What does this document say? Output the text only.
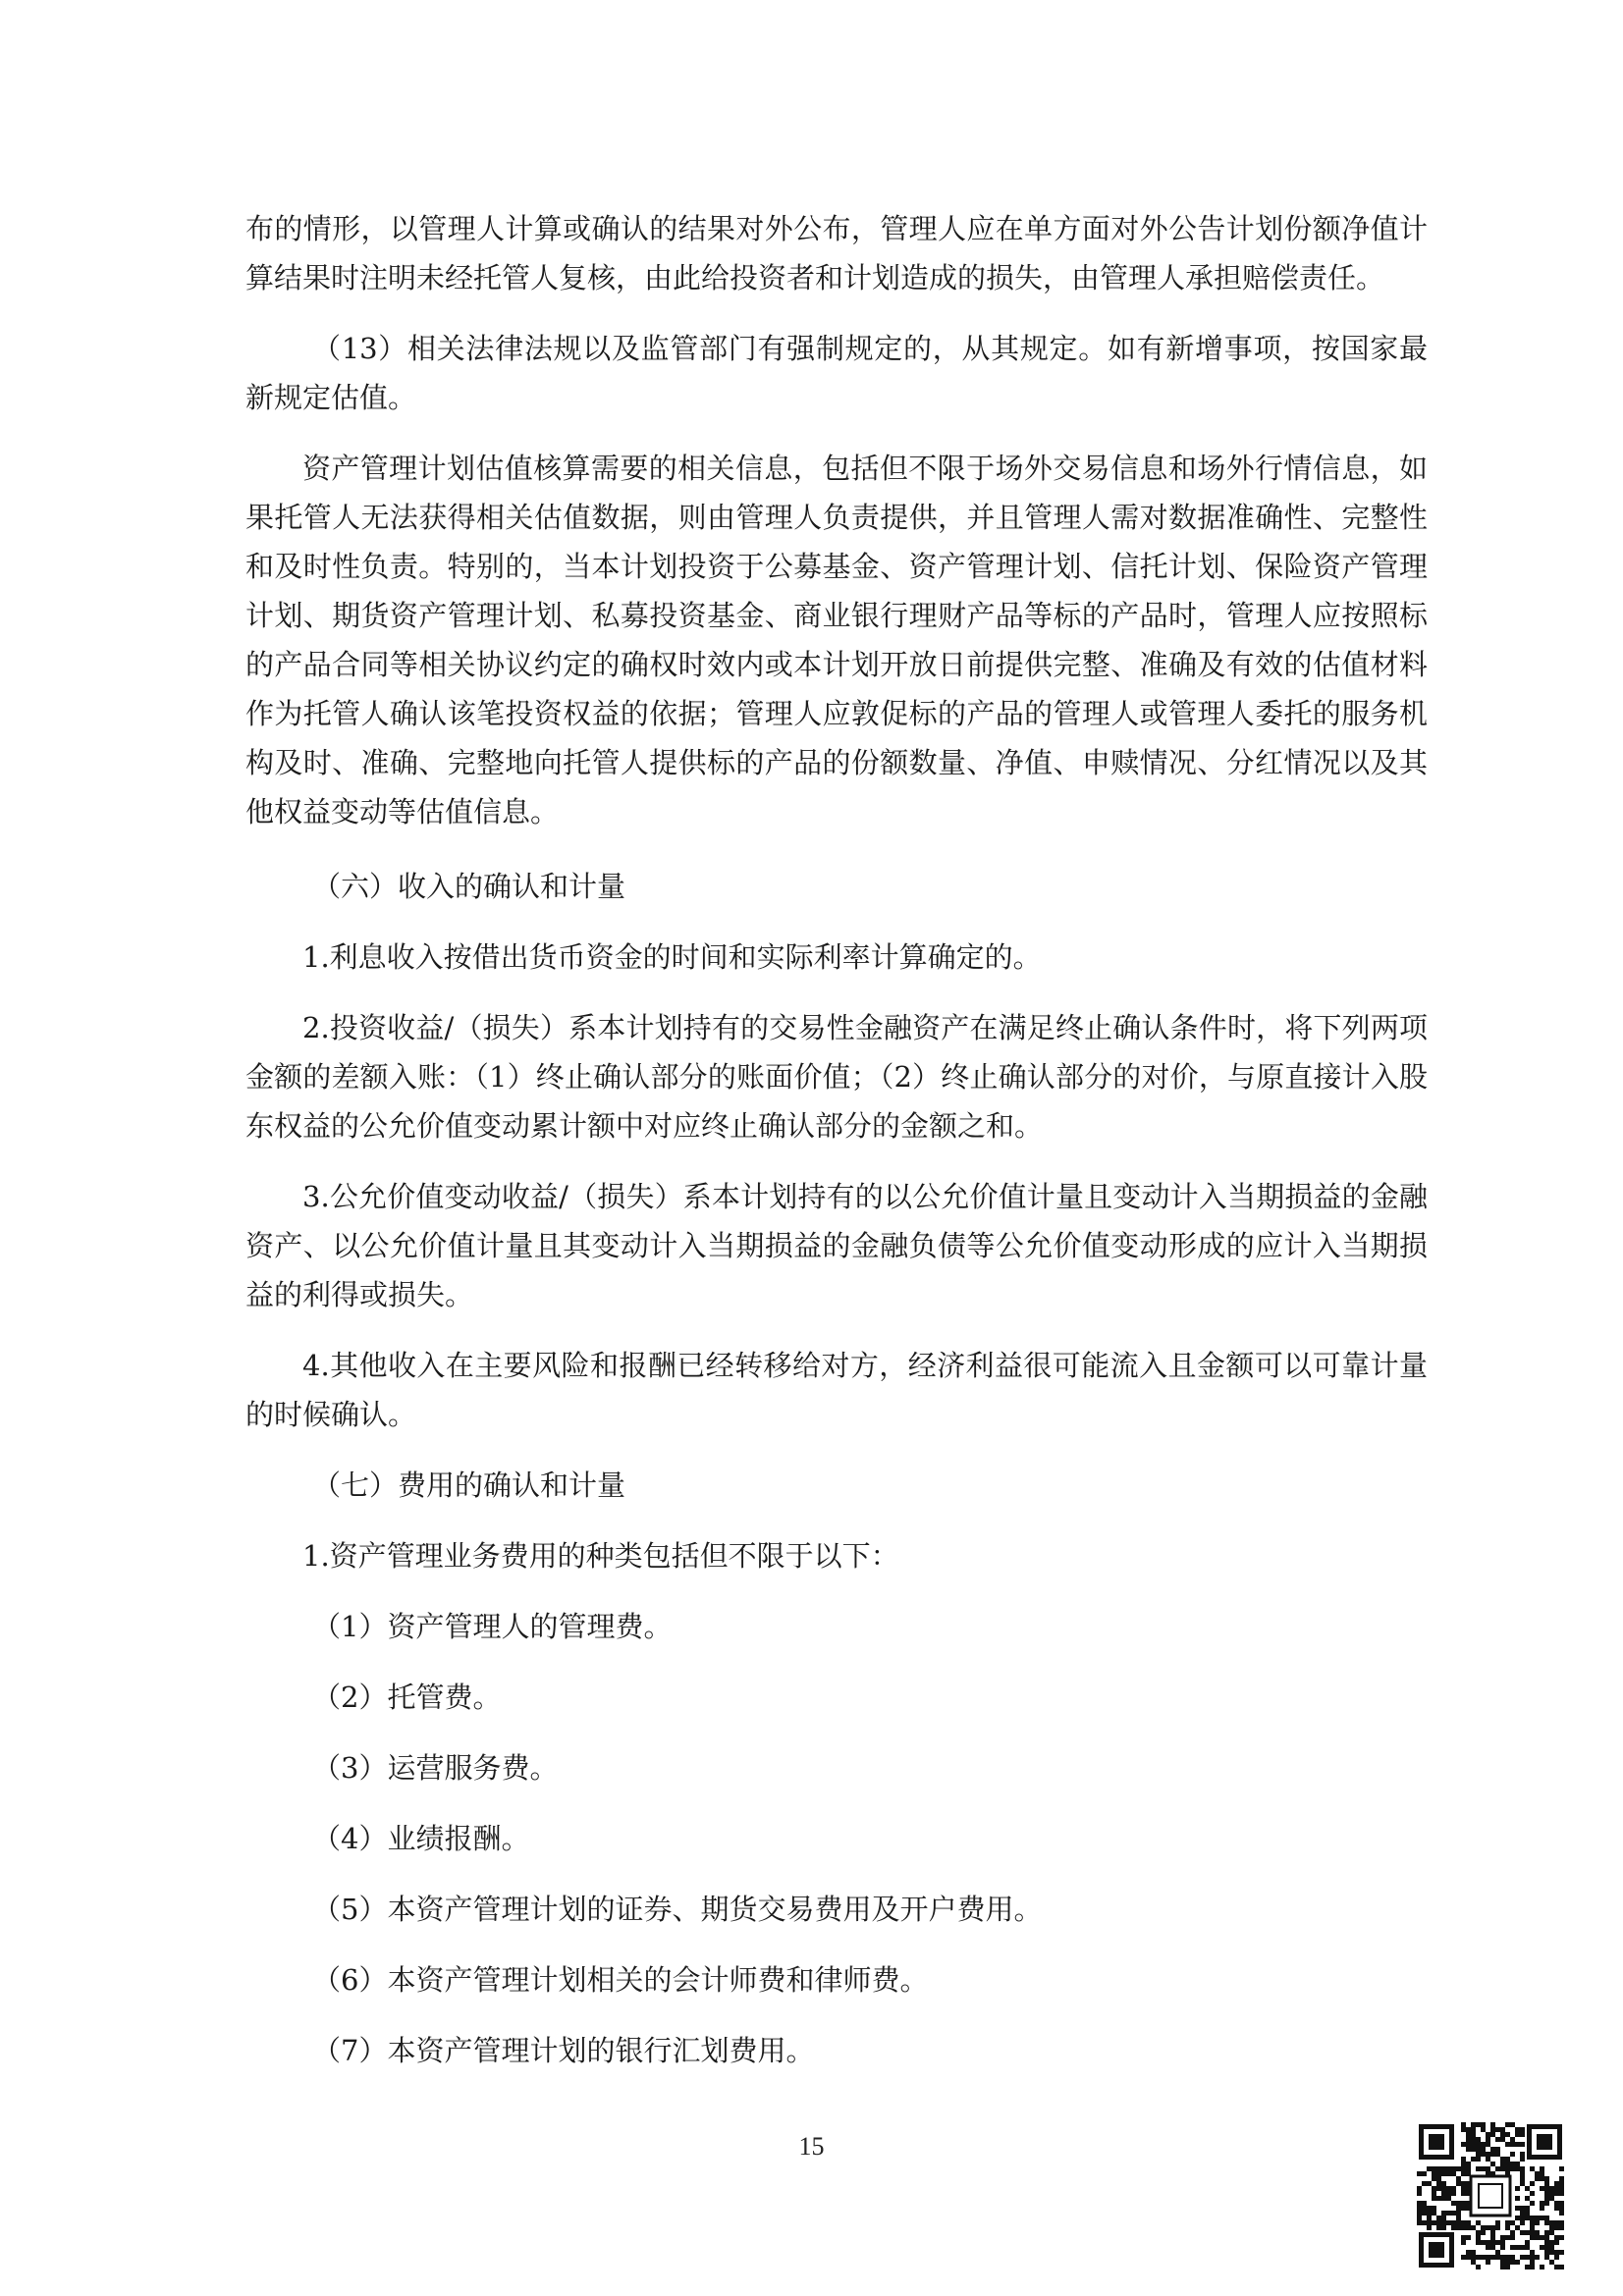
布的情形，以管理人计算或确认的结果对外公布，管理人应在单方面对外公告计划份额净值计算结果时注明未经托管人复核，由此给投资者和计划造成的损失，由管理人承担赔偿责任。

（13）相关法律法规以及监管部门有强制规定的，从其规定。如有新增事项，按国家最新规定估值。

资产管理计划估值核算需要的相关信息，包括但不限于场外交易信息和场外行情信息，如果托管人无法获得相关估值数据，则由管理人负责提供，并且管理人需对数据准确性、完整性和及时性负责。特别的，当本计划投资于公募基金、资产管理计划、信托计划、保险资产管理计划、期货资产管理计划、私募投资基金、商业银行理财产品等标的产品时，管理人应按照标的产品合同等相关协议约定的确权时效内或本计划开放日前提供完整、准确及有效的估值材料作为托管人确认该笔投资权益的依据；管理人应敦促标的产品的管理人或管理人委托的服务机构及时、准确、完整地向托管人提供标的产品的份额数量、净值、申赎情况、分红情况以及其他权益变动等估值信息。

（六）收入的确认和计量

1.利息收入按借出货币资金的时间和实际利率计算确定的。

2.投资收益/（损失）系本计划持有的交易性金融资产在满足终止确认条件时，将下列两项金额的差额入账：（1）终止确认部分的账面价值；（2）终止确认部分的对价，与原直接计入股东权益的公允价值变动累计额中对应终止确认部分的金额之和。

3.公允价值变动收益/（损失）系本计划持有的以公允价值计量且变动计入当期损益的金融资产、以公允价值计量且其变动计入当期损益的金融负债等公允价值变动形成的应计入当期损益的利得或损失。

4.其他收入在主要风险和报酬已经转移给对方，经济利益很可能流入且金额可以可靠计量的时候确认。

（七）费用的确认和计量

1.资产管理业务费用的种类包括但不限于以下：

（1）资产管理人的管理费。

（2）托管费。

（3）运营服务费。

（4）业绩报酬。

（5）本资产管理计划的证券、期货交易费用及开户费用。

（6）本资产管理计划相关的会计师费和律师费。

（7）本资产管理计划的银行汇划费用。

15
